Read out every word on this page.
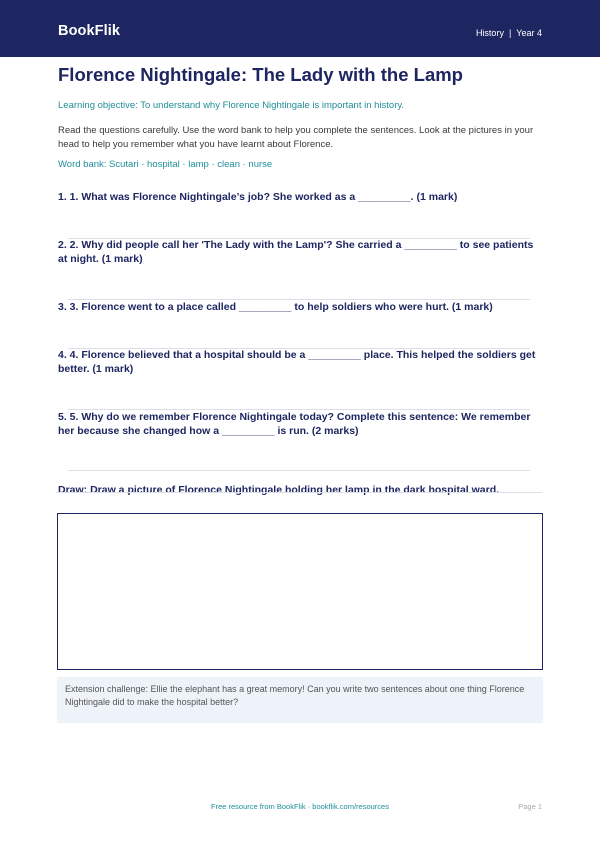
BookFlik	History | Year 4
Florence Nightingale: The Lady with the Lamp

Learning objective: To understand why Florence Nightingale is important in history.

Read the questions carefully. Use the word bank to help you complete the sentences. Look at the pictures in your head to help you remember what you have learnt about Florence.

Word bank: Scutari · hospital · lamp · clean · nurse

1. 1. What was Florence Nightingale’s job? She worked as a _________. (1 mark)

2. 2. Why did people call her 'The Lady with the Lamp'? She carried a _________ to see patients at night. (1 mark)

3. 3. Florence went to a place called _________ to help soldiers who were hurt. (1 mark)

4. 4. Florence believed that a hospital should be a _________ place. This helped the soldiers get better. (1 mark)

5. 5. Why do we remember Florence Nightingale today? Complete this sentence: We remember her because she changed how a _________ is run. (2 marks)

Draw: Draw a picture of Florence Nightingale holding her lamp in the dark hospital ward.

Extension challenge: Ellie the elephant has a great memory! Can you write two sentences about one thing Florence Nightingale did to make the hospital better?

Free resource from BookFlik · bookflik.com/resources	Page 1
